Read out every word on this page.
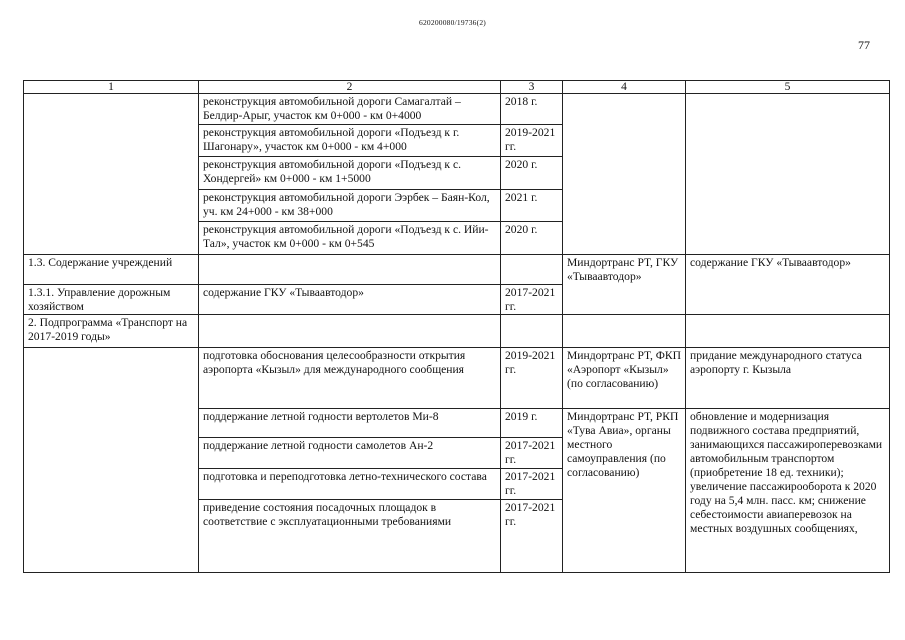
620200080/19736(2)
77
1	2	3	4	5
	реконструкция автомобильной дороги Самагалтай – Белдир-Арыг, участок км 0+000 - км 0+4000	2018 г.		
	реконструкция автомобильной дороги «Подъезд к г. Шагонару», участок км 0+000 - км 4+000	2019-2021 гг.		
	реконструкция автомобильной дороги «Подъезд к с. Хондергей» км 0+000 - км 1+5000	2020 г.		
	реконструкция автомобильной дороги Ээрбек – Баян-Кол, уч. км 24+000 - км 38+000	2021 г.		
	реконструкция автомобильной дороги «Подъезд к с. Ийи-Тал», участок км 0+000 - км 0+545	2020 г.		
1.3. Содержание учреждений			Миндортранс РТ, ГКУ «Тываавтодор»	содержание ГКУ «Тываавтодор»
1.3.1. Управление дорожным хозяйством	содержание ГКУ «Тываавтодор»	2017-2021 гг.		
2. Подпрограмма «Транспорт на 2017-2019 годы»				
	подготовка обоснования целесообразности открытия аэропорта «Кызыл» для международного сообщения	2019-2021 гг.	Миндортранс РТ, ФКП «Аэропорт «Кызыл» (по согласованию)	придание международного статуса аэропорту г. Кызыла
	поддержание летной годности вертолетов Ми-8	2019 г.	Миндортранс РТ, РКП «Тува Авиа», органы местного самоуправления (по согласованию)	обновление и модернизация подвижного состава предприятий, занимающихся пассажироперевозками автомобильным транспортом (приобретение 18 ед. техники); увеличение пассажирооборота к 2020 году на 5,4 млн. пасс. км; снижение себестоимости авиаперевозок на местных воздушных сообщениях,
	поддержание летной годности самолетов Ан-2	2017-2021 гг.		
	подготовка и переподготовка летно-технического состава	2017-2021 гг.		
	приведение состояния посадочных площадок в соответствие с эксплуатационными требованиями	2017-2021 гг.		
